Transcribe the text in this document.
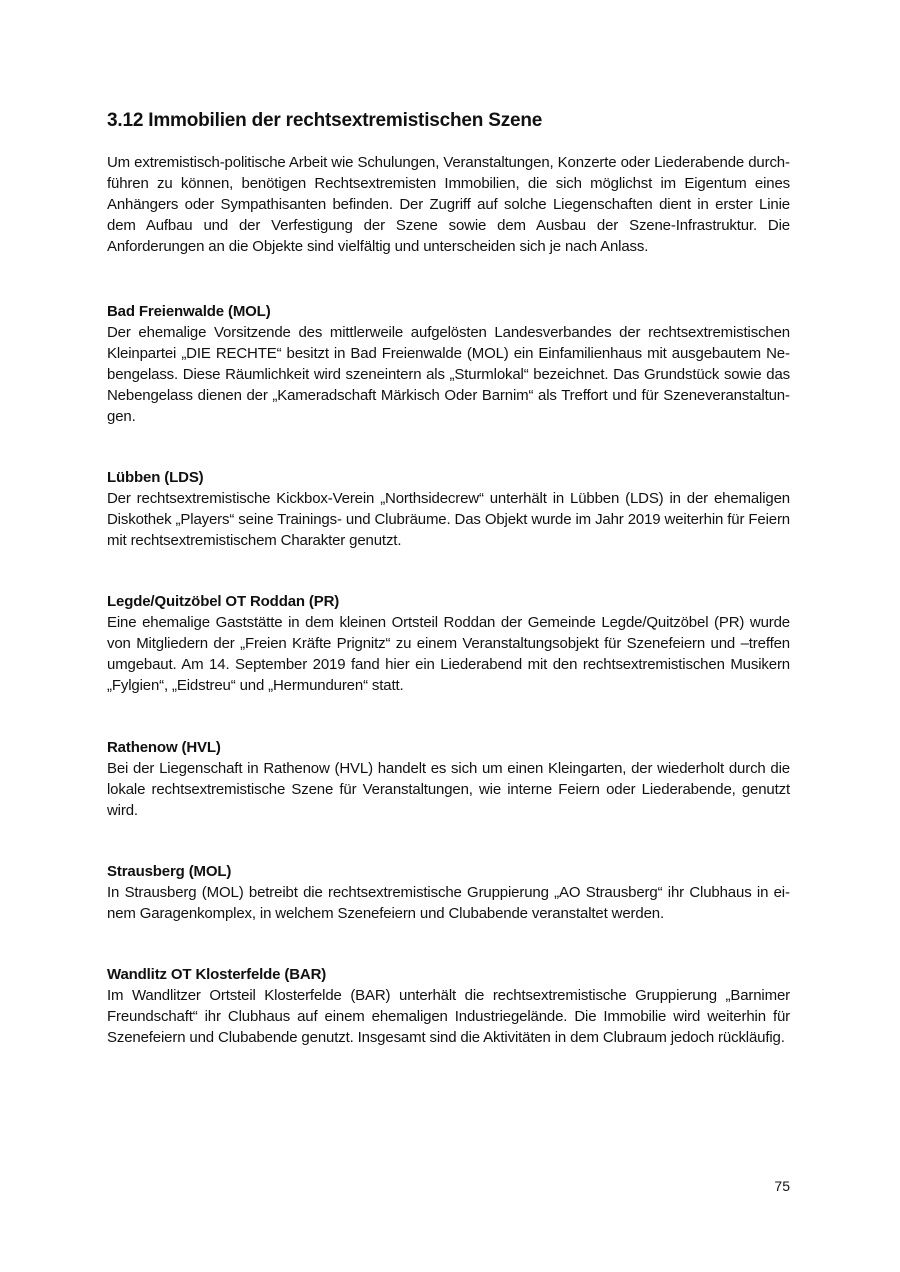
3.12 Immobilien der rechtsextremistischen Szene

Um extremistisch-politische Arbeit wie Schulungen, Veranstaltungen, Konzerte oder Liederabende durchführen zu können, benötigen Rechtsextremisten Immobilien, die sich möglichst im Eigentum eines Anhängers oder Sympathisanten befinden. Der Zugriff auf solche Liegenschaften dient in erster Linie dem Aufbau und der Verfestigung der Szene sowie dem Ausbau der Szene-Infrastruktur. Die Anforderungen an die Objekte sind vielfältig und unterscheiden sich je nach Anlass.

Bad Freienwalde (MOL)

Der ehemalige Vorsitzende des mittlerweile aufgelösten Landesverbandes der rechtsextremistischen Kleinpartei „DIE RECHTE“ besitzt in Bad Freienwalde (MOL) ein Einfamilienhaus mit ausgebautem Nebengelass. Diese Räumlichkeit wird szeneintern als „Sturmlokal“ bezeichnet. Das Grundstück sowie das Nebengelass dienen der „Kameradschaft Märkisch Oder Barnim“ als Treffort und für Szeneveranstaltungen.

Lübben (LDS)

Der rechtsextremistische Kickbox-Verein „Northsidecrew“ unterhält in Lübben (LDS) in der ehemaligen Diskothek „Players“ seine Trainings- und Clubräume. Das Objekt wurde im Jahr 2019 weiterhin für Feiern mit rechtsextremistischem Charakter genutzt.

Legde/Quitzöbel OT Roddan (PR)

Eine ehemalige Gaststätte in dem kleinen Ortsteil Roddan der Gemeinde Legde/Quitzöbel (PR) wurde von Mitgliedern der „Freien Kräfte Prignitz“ zu einem Veranstaltungsobjekt für Szenefeiern und –treffen umgebaut. Am 14. September 2019 fand hier ein Liederabend mit den rechtsextremistischen Musikern „Fylgien“, „Eidstreu“ und „Hermunduren“ statt.

Rathenow (HVL)

Bei der Liegenschaft in Rathenow (HVL) handelt es sich um einen Kleingarten, der wiederholt durch die lokale rechtsextremistische Szene für Veranstaltungen, wie interne Feiern oder Liederabende, genutzt wird.

Strausberg (MOL)

In Strausberg (MOL) betreibt die rechtsextremistische Gruppierung „AO Strausberg“ ihr Clubhaus in einem Garagenkomplex, in welchem Szenefeiern und Clubabende veranstaltet werden.

Wandlitz OT Klosterfelde (BAR)

Im Wandlitzer Ortsteil Klosterfelde (BAR) unterhält die rechtsextremistische Gruppierung „Barnimer Freundschaft“ ihr Clubhaus auf einem ehemaligen Industriegelände. Die Immobilie wird weiterhin für Szenefeiern und Clubabende genutzt. Insgesamt sind die Aktivitäten in dem Clubraum jedoch rückläufig.

75
